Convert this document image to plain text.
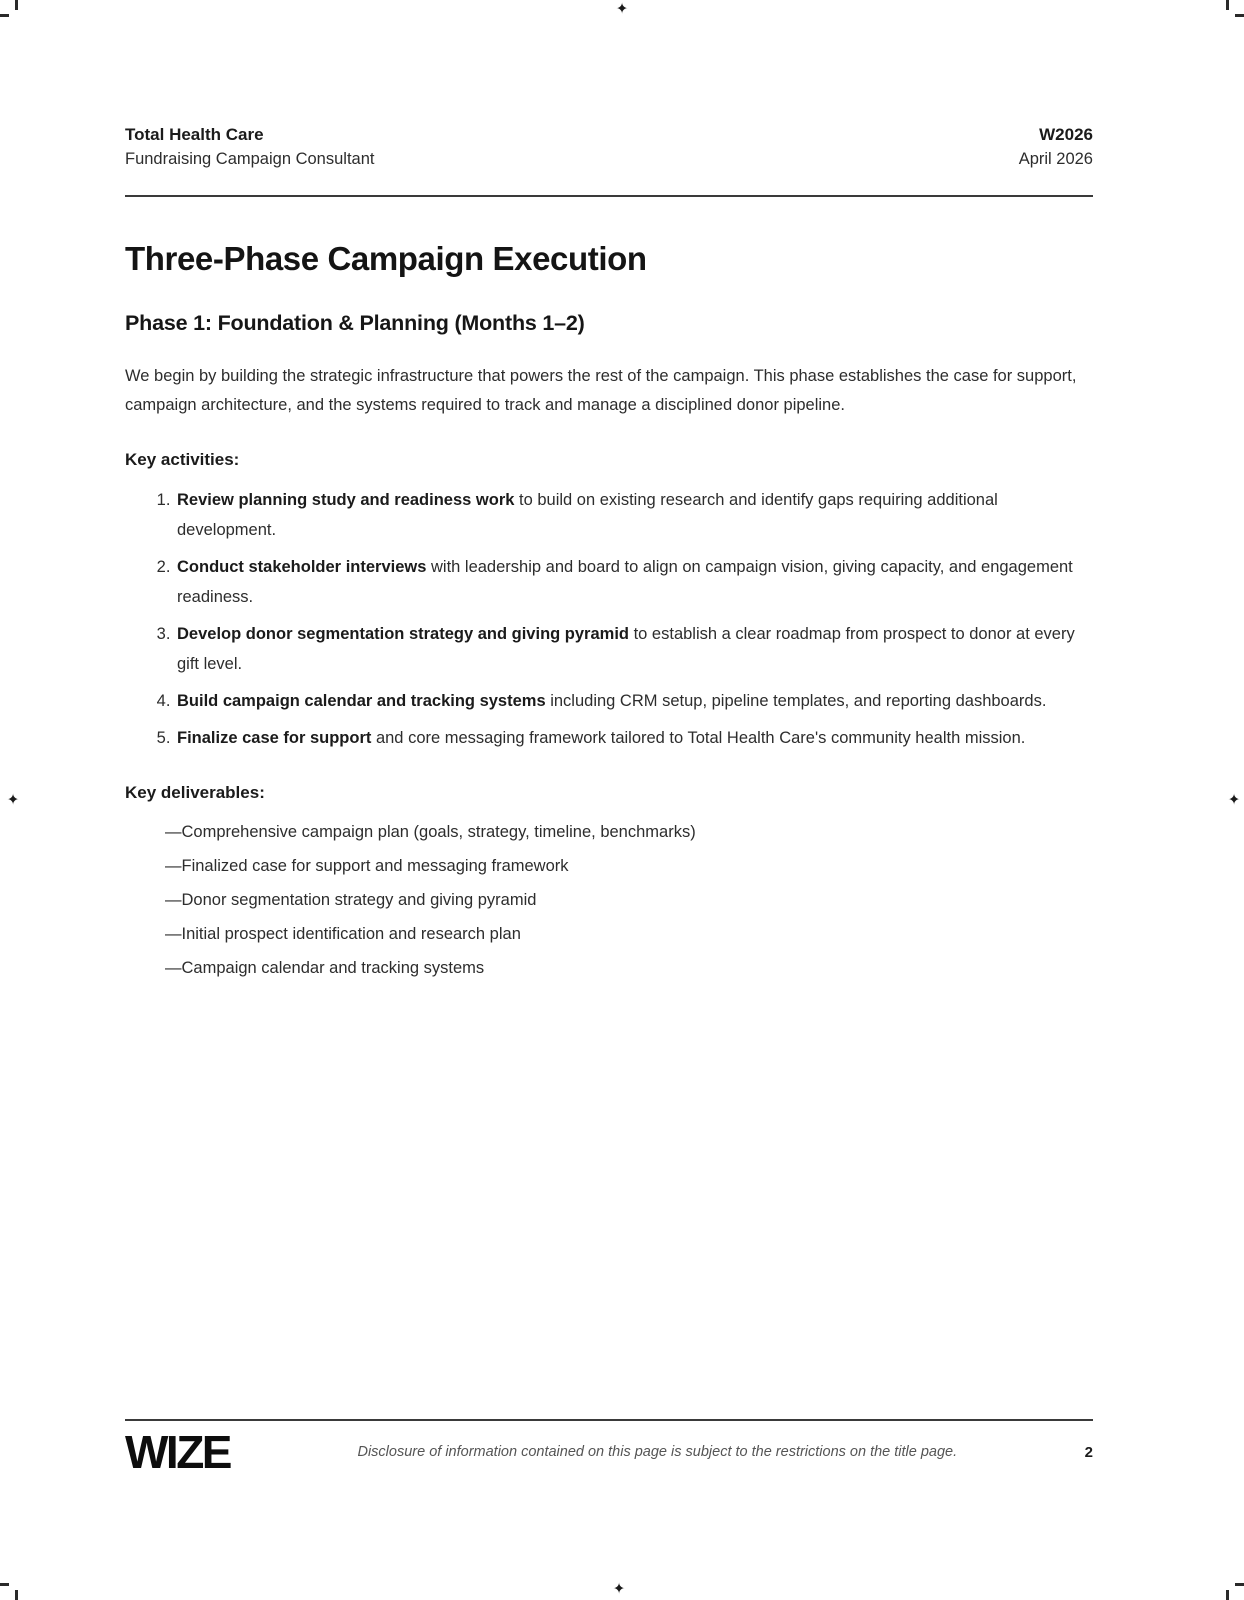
✦
✦
✦	✦
Total Health Care
Fundraising Campaign Consultant
W2026
April 2026
Three-Phase Campaign Execution
Phase 1: Foundation & Planning (Months 1–2)

We begin by building the strategic infrastructure that powers the rest of the campaign. This phase establishes the case for support, campaign architecture, and the systems required to track and manage a disciplined donor pipeline.

Key activities:
1. Review planning study and readiness work to build on existing research and identify gaps requiring additional development.
2. Conduct stakeholder interviews with leadership and board to align on campaign vision, giving capacity, and engagement readiness.
3. Develop donor segmentation strategy and giving pyramid to establish a clear roadmap from prospect to donor at every gift level.
4. Build campaign calendar and tracking systems including CRM setup, pipeline templates, and reporting dashboards.
5. Finalize case for support and core messaging framework tailored to Total Health Care's community health mission.
Key deliverables:
—Comprehensive campaign plan (goals, strategy, timeline, benchmarks)
—Finalized case for support and messaging framework
—Donor segmentation strategy and giving pyramid
—Initial prospect identification and research plan
—Campaign calendar and tracking systems
WIZE	Disclosure of information contained on this page is subject to the restrictions on the title page.	2
